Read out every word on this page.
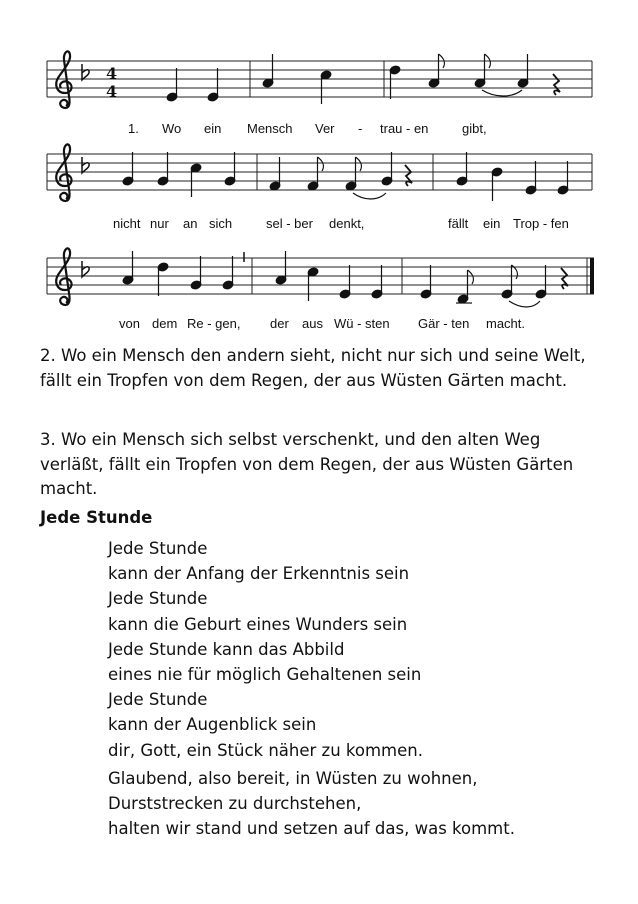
4
4
1. Wo ein Mensch Ver - trau - en	gibt,
nicht nur an sich	sel - ber denkt,	fällt ein Trop - fen
von dem Re - gen, der aus Wü - sten Gär - ten macht.

2. Wo ein Mensch den andern sieht, nicht nur sich und seine Welt, fällt ein Tropfen von dem Regen, der aus Wüsten Gärten macht.

3. Wo ein Mensch sich selbst verschenkt, und den alten Weg verläßt, fällt ein Tropfen von dem Regen, der aus Wüsten Gärten macht.

Jede Stunde
Jede Stunde
kann der Anfang der Erkenntnis sein
Jede Stunde
kann die Geburt eines Wunders sein
Jede Stunde kann das Abbild
eines nie für möglich Gehaltenen sein
Jede Stunde
kann der Augenblick sein
dir, Gott, ein Stück näher zu kommen.
Glaubend, also bereit, in Wüsten zu wohnen,
Durststrecken zu durchstehen,
halten wir stand und setzen auf das, was kommt.
